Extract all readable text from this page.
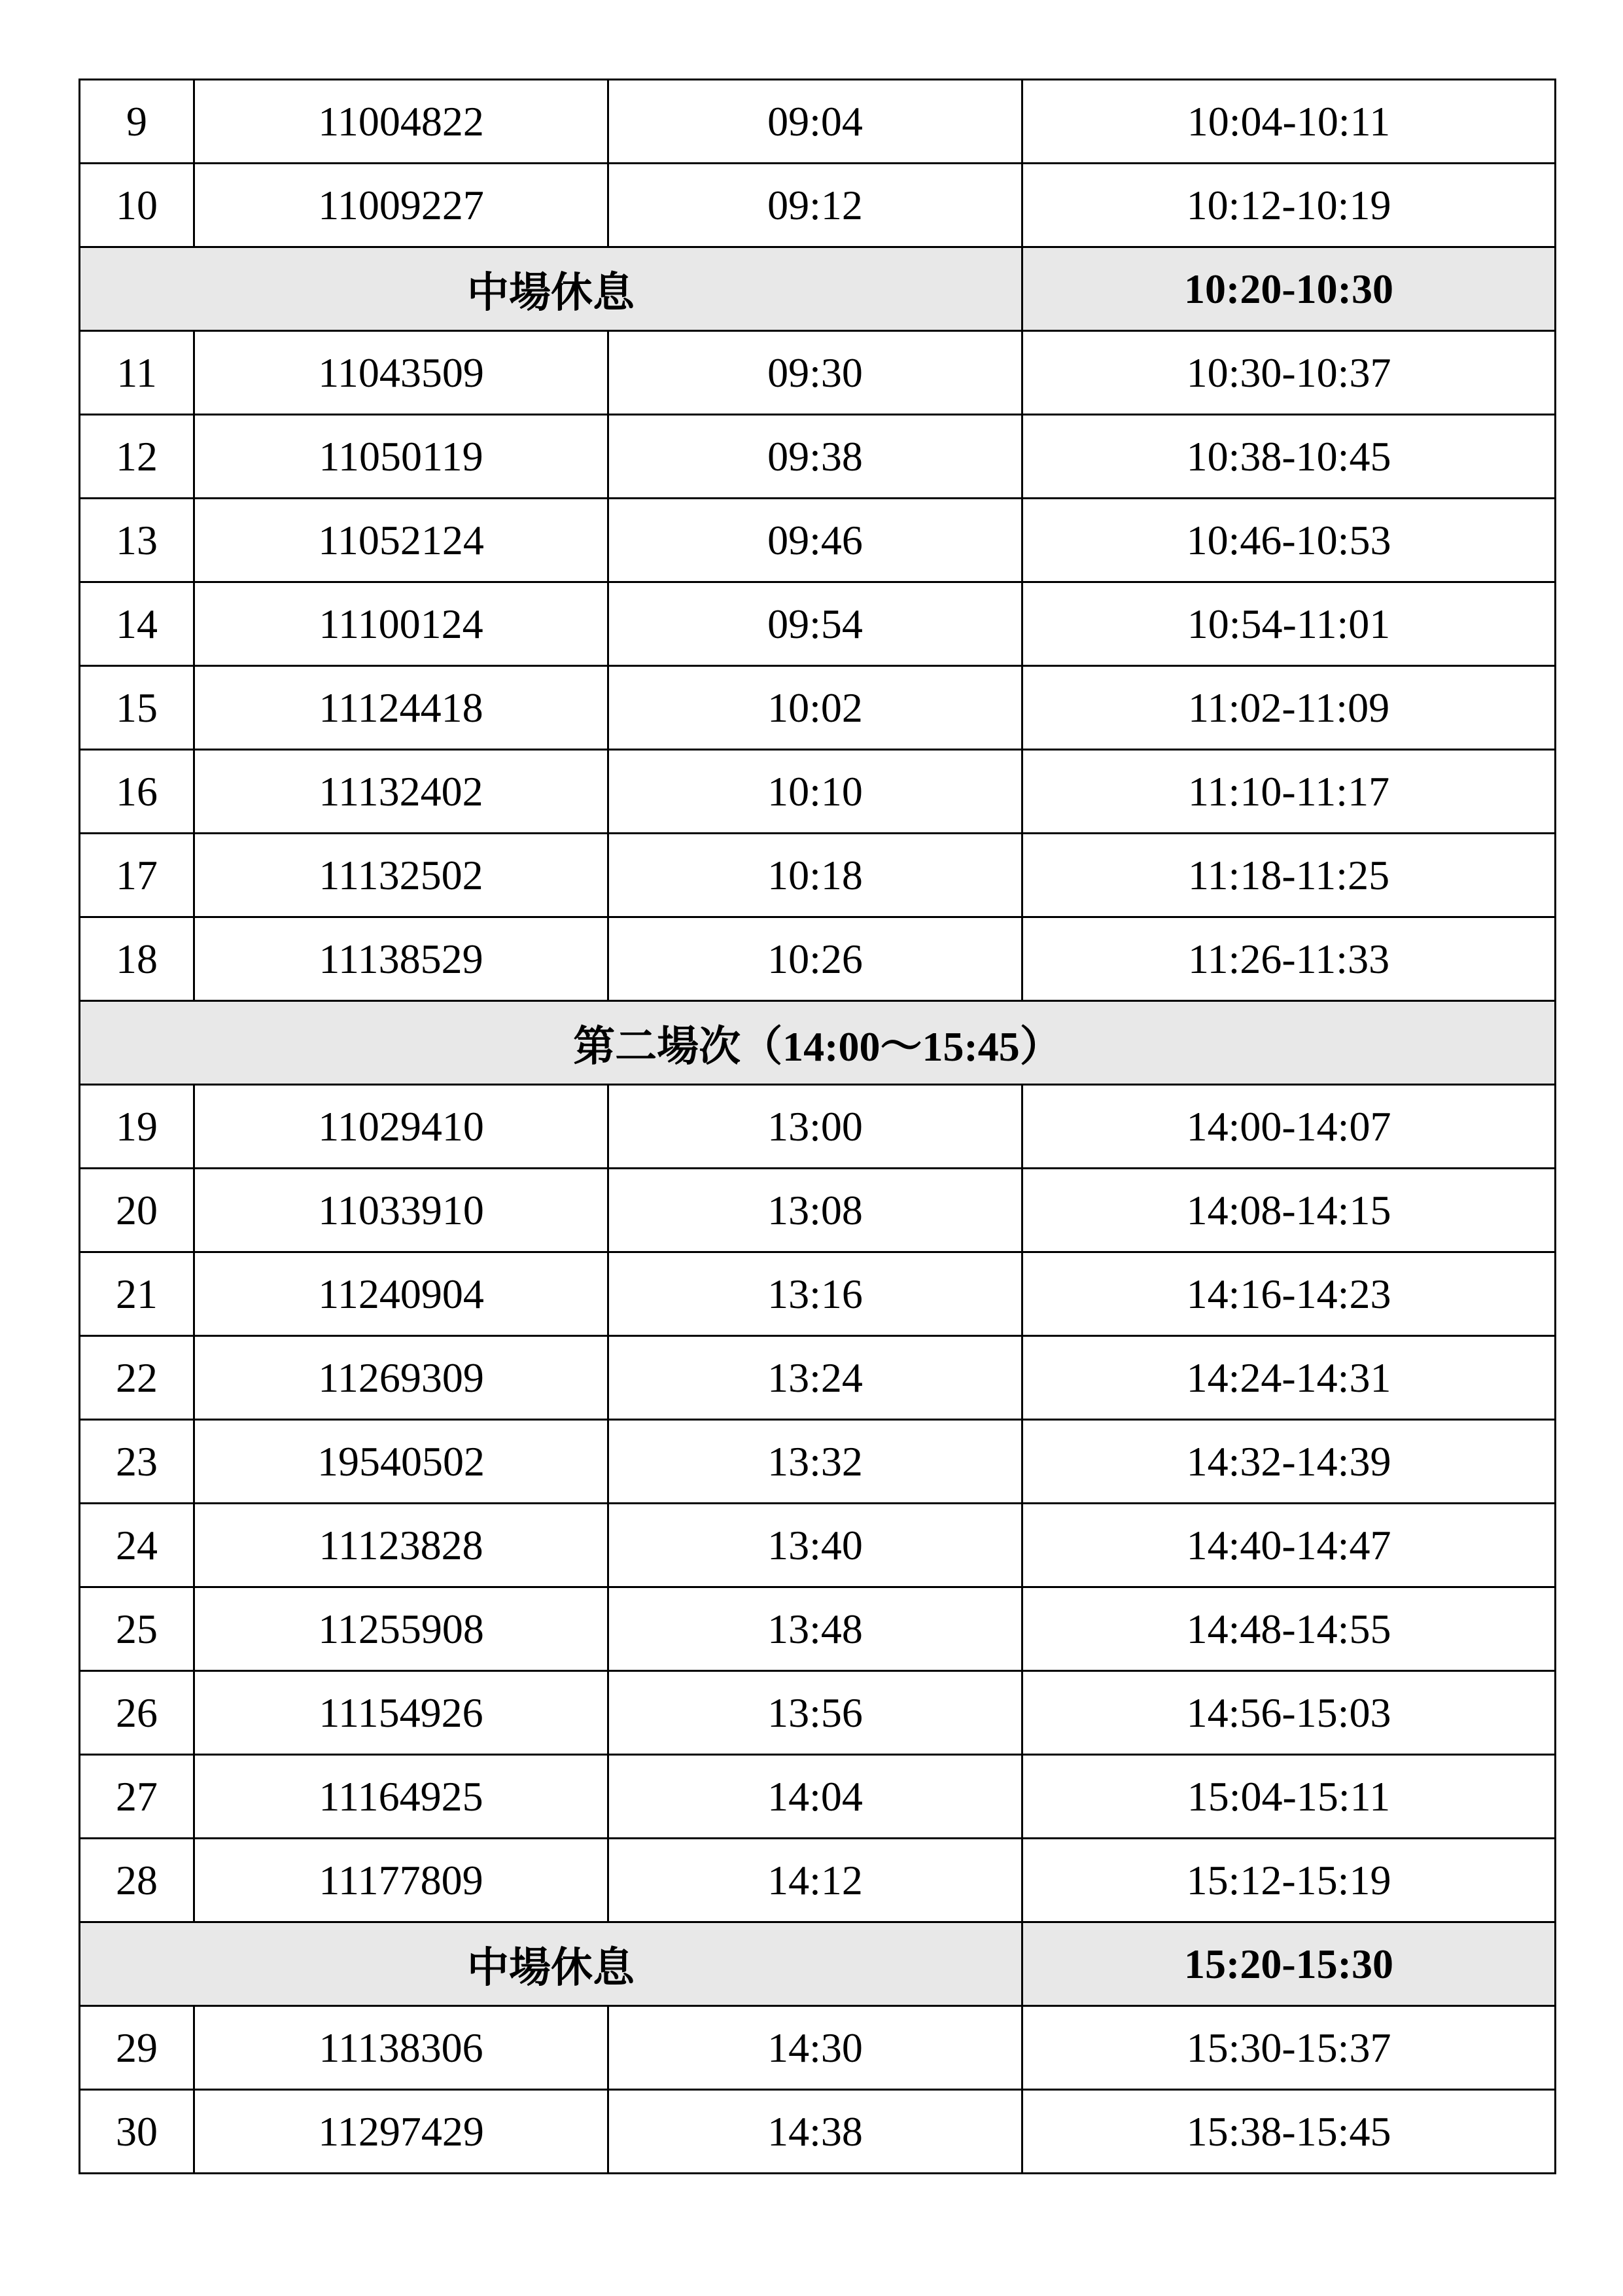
9	11004822	09:04	10:04-10:11
10	11009227	09:12	10:12-10:19
中場休息			10:20-10:30
11	11043509	09:30	10:30-10:37
12	11050119	09:38	10:38-10:45
13	11052124	09:46	10:46-10:53
14	11100124	09:54	10:54-11:01
15	11124418	10:02	11:02-11:09
16	11132402	10:10	11:10-11:17
17	11132502	10:18	11:18-11:25
18	11138529	10:26	11:26-11:33
第二場次（14:00～15:45）			
19	11029410	13:00	14:00-14:07
20	11033910	13:08	14:08-14:15
21	11240904	13:16	14:16-14:23
22	11269309	13:24	14:24-14:31
23	19540502	13:32	14:32-14:39
24	11123828	13:40	14:40-14:47
25	11255908	13:48	14:48-14:55
26	11154926	13:56	14:56-15:03
27	11164925	14:04	15:04-15:11
28	11177809	14:12	15:12-15:19
中場休息			15:20-15:30
29	11138306	14:30	15:30-15:37
30	11297429	14:38	15:38-15:45
